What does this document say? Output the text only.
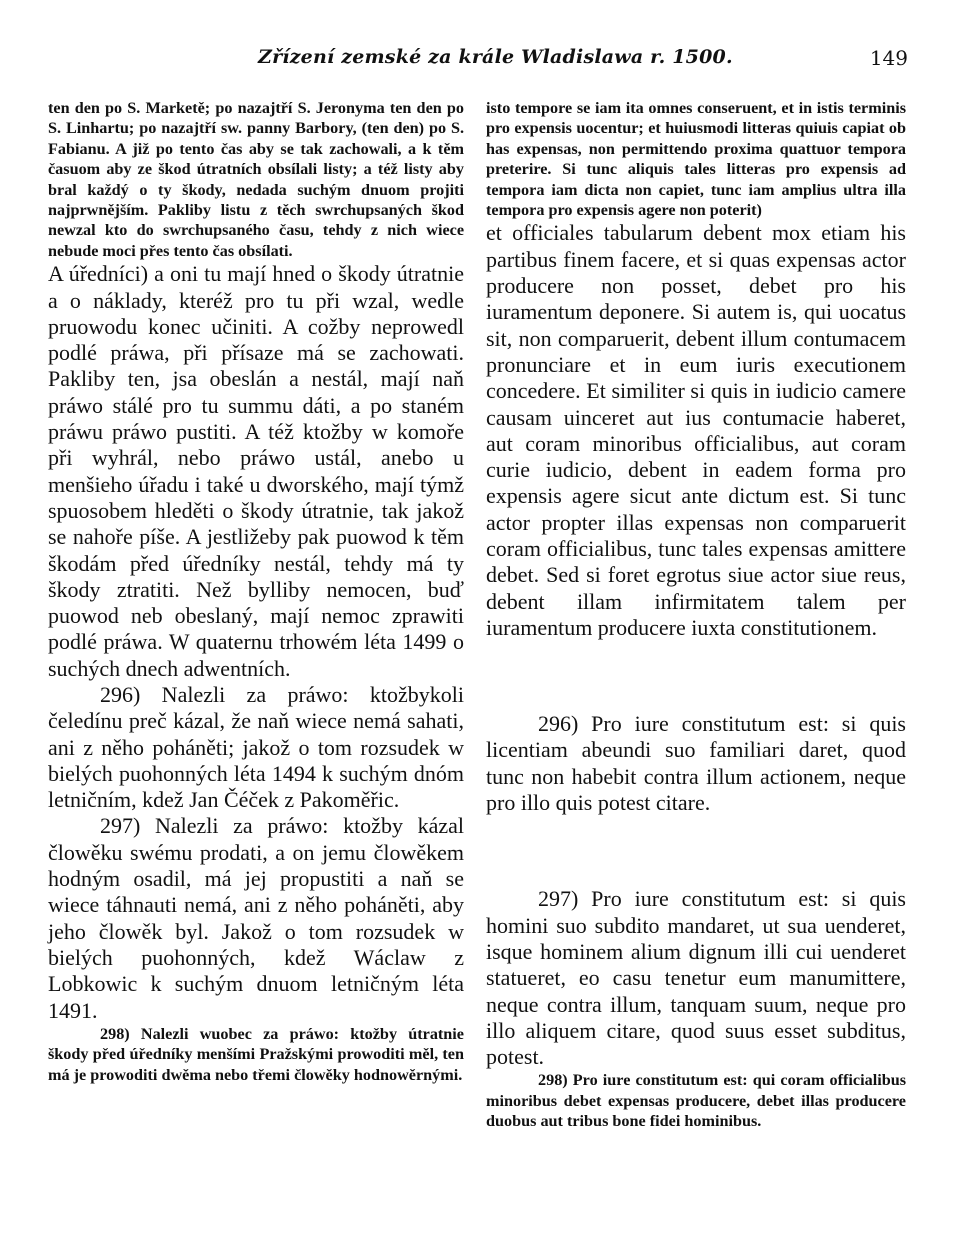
Zřízení zemské za krále Wladislawa r. 1500.	149

ten den po S. Marketě; po nazajtří S. Jeronyma ten den po S. Linhartu; po nazajtří sw. panny Barbory, (ten den) po S. Fabianu. A již po tento čas aby se tak zachowali, a k těm časuom aby ze škod útratních obsílali listy; a též listy aby bral každý o ty škody, nedada suchým dnuom projiti najprwnějším. Pakliby listu z těch swrchupsaných škod newzal kto do swrchupsaného času, tehdy z nich wiece nebude moci přes tento čas obsílati.

A úředníci) a oni tu mají hned o škody útratnie a o náklady, kteréž pro tu při wzal, wedle pruowodu konec učiniti. A cožby neprowedl podlé práwa, při přísaze má se zachowati. Pakliby ten, jsa obeslán a nestál, mají naň práwo stálé pro tu summu dáti, a po staném práwu práwo pustiti. A též ktožby w komoře při wyhrál, nebo práwo ustál, anebo u menšieho úřadu i také u dworského, mají týmž spuosobem hleděti o škody útratnie, tak jakož se nahoře píše. A jestližeby pak puowod k těm škodám před úředníky nestál, tehdy má ty škody ztratiti. Než bylliby nemocen, buď puowod neb obeslaný, mají nemoc zprawiti podlé práwa. W quaternu trhowém léta 1499 o suchých dnech adwentních.

296) Nalezli za práwo: ktožbykoli čeledínu preč kázal, že naň wiece nemá sahati, ani z něho poháněti; jakož o tom rozsudek w bielých puohonných léta 1494 k suchým dnóm letničním, kdež Jan Čéček z Pakoměřic.

297) Nalezli za práwo: ktožby kázal člowěku swému prodati, a on jemu člowěkem hodným osadil, má jej propustiti a naň se wiece táhnauti nemá, ani z něho poháněti, aby jeho člowěk byl. Jakož o tom rozsudek w bielých puohonných, kdež Wáclaw z Lobkowic k suchým dnuom letničným léta 1491.

298) Nalezli wuobec za práwo: ktožby útratnie škody před úředníky menšími Pražskými prowoditi měl, ten má je prowoditi dwěma nebo třemi člowěky hodnowěrnými.

isto tempore se iam ita omnes conseruent, et in istis terminis pro expensis uocentur; et huiusmodi litteras quiuis capiat ob has expensas, non permittendo proxima quattuor tempora preterire. Si tunc aliquis tales litteras pro expensis ad tempora iam dicta non capiet, tunc iam amplius ultra illa tempora pro expensis agere non poterit)

et officiales tabularum debent mox etiam his partibus finem facere, et si quas expensas actor producere non posset, debet pro his iuramentum deponere. Si autem is, qui uocatus sit, non comparuerit, debent illum contumacem pronunciare et in eum iuris executionem concedere. Et similiter si quis in iudicio camere causam uinceret aut ius contumacie haberet, aut coram minoribus officialibus, aut coram curie iudicio, debent in eadem forma pro expensis agere sicut ante dictum est. Si tunc actor propter illas expensas non comparuerit coram officialibus, tunc tales expensas amittere debet. Sed si foret egrotus siue actor siue reus, debent illam infirmitatem talem per iuramentum producere iuxta constitutionem.

296) Pro iure constitutum est: si quis licentiam abeundi suo familiari daret, quod tunc non habebit contra illum actionem, neque pro illo quis potest citare.

297) Pro iure constitutum est: si quis homini suo subdito mandaret, ut sua uenderet, isque hominem alium dignum illi cui uenderet statueret, eo casu tenetur eum manumittere, neque contra illum, tanquam suum, neque pro illo aliquem citare, quod suus esset subditus, potest.

298) Pro iure constitutum est: qui coram officialibus minoribus debet expensas producere, debet illas producere duobus aut tribus bone fidei hominibus.
